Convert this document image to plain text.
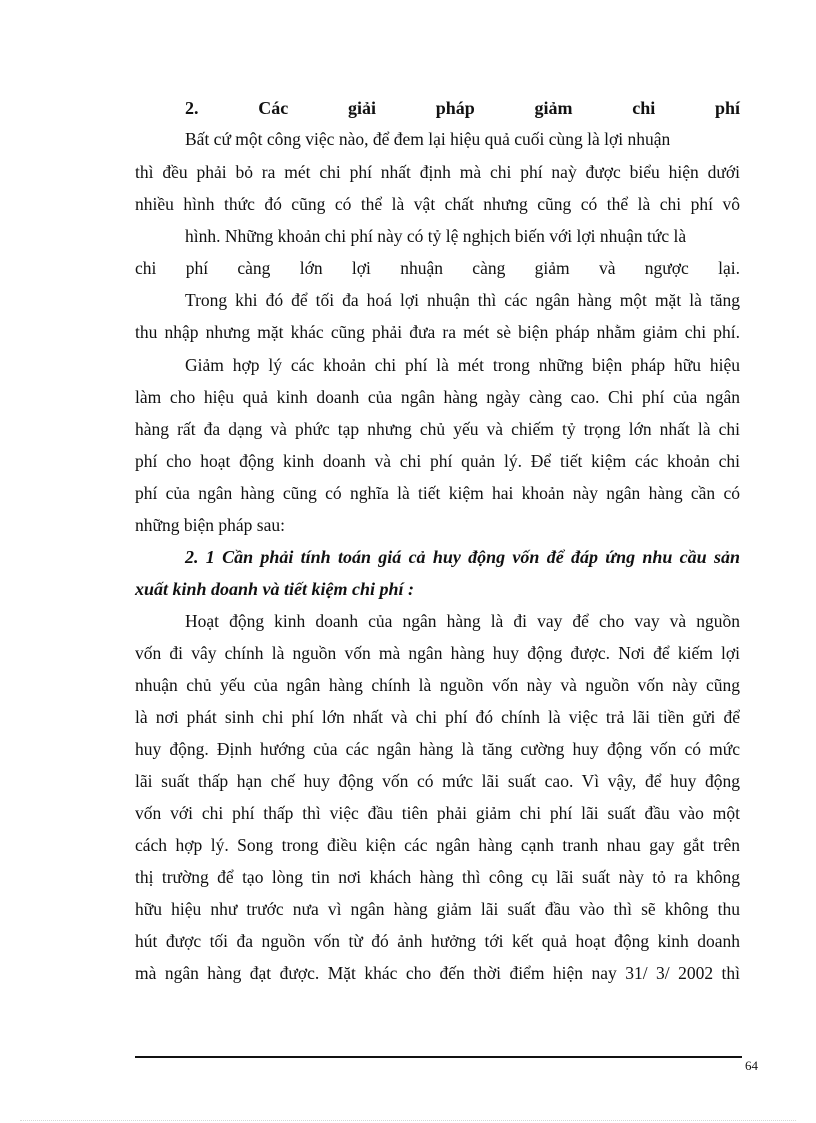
2. Các giải pháp giảm chi phí
Bất cứ một công việc nào, để đem lại hiệu quả cuối cùng là lợi nhuận
thì đều phải bỏ ra mét chi phí nhất định mà chi phí naỳ được biểu hiện dưới
nhiều hình thức đó cũng có thể là vật chất nhưng cũng có thể là chi phí vô
hình. Những khoản chi phí này có tỷ lệ nghịch biến với lợi nhuận tức là
chi phí càng lớn lợi nhuận càng giảm và ngược lại.
Trong khi đó để tối đa hoá lợi nhuận thì các ngân hàng một mặt là tăng
thu nhập nhưng mặt khác cũng phải đưa ra mét sè biện pháp nhằm giảm chi phí.
Giảm hợp lý các khoản chi phí là mét trong những biện pháp hữu hiệu
làm cho hiệu quả kinh doanh của ngân hàng ngày càng cao. Chi phí của ngân
hàng rất đa dạng và phức tạp nhưng chủ yếu và chiếm tỷ trọng lớn nhất là chi
phí cho hoạt động kinh doanh và chi phí quản lý. Để tiết kiệm các khoản chi
phí của ngân hàng cũng có nghĩa là tiết kiệm hai khoản này ngân hàng cần có
những biện pháp sau:
2. 1 Cần phải tính toán giá cả huy động vốn để đáp ứng nhu cầu sản
xuất kinh doanh và tiết kiệm chi phí :
Hoạt động kinh doanh của ngân hàng là đi vay để cho vay và nguồn
vốn đi vây chính là nguồn vốn mà ngân hàng huy động được. Nơi để kiếm lợi
nhuận chủ yếu của ngân hàng chính là nguồn vốn này và nguồn vốn này cũng
là nơi phát sinh chi phí lớn nhất và chi phí đó chính là việc trả lãi tiền gửi để
huy động. Định hướng của các ngân hàng là tăng cường huy động vốn có mức
lãi suất thấp hạn chế huy động vốn có mức lãi suất cao. Vì vậy, để huy động
vốn với chi phí thấp thì việc đầu tiên phải giảm chi phí lãi suất đầu vào một
cách hợp lý. Song trong điều kiện các ngân hàng cạnh tranh nhau gay gắt trên
thị trường để tạo lòng tin nơi khách hàng thì công cụ lãi suất này tỏ ra không
hữu hiệu như trước nưa vì ngân hàng giảm lãi suất đầu vào thì sẽ không thu
hút được tối đa nguồn vốn từ đó ảnh hưởng tới kết quả hoạt động kinh doanh
mà ngân hàng đạt được. Mặt khác cho đến thời điểm hiện nay 31/ 3/ 2002 thì
64
